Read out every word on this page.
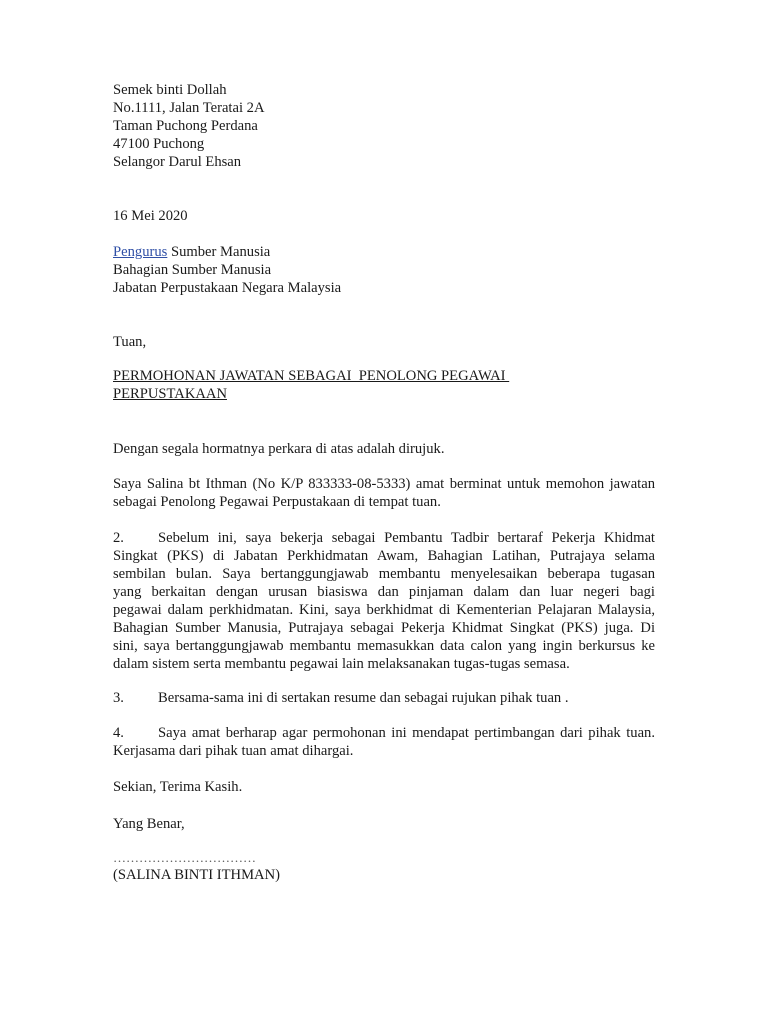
Semek binti Dollah
No.1111, Jalan Teratai 2A
Taman Puchong Perdana
47100 Puchong
Selangor Darul Ehsan
16 Mei 2020
Pengurus Sumber Manusia
Bahagian Sumber Manusia
Jabatan Perpustakaan Negara Malaysia
Tuan,
PERMOHONAN JAWATAN SEBAGAI  PENOLONG PEGAWAI
PERPUSTAKAAN
Dengan segala hormatnya perkara di atas adalah dirujuk.
Saya Salina bt Ithman (No K/P 833333-08-5333) amat berminat untuk memohon jawatan
sebagai Penolong Pegawai Perpustakaan di tempat tuan.
2. Sebelum ini, saya bekerja sebagai Pembantu Tadbir bertaraf Pekerja Khidmat
Singkat (PKS) di Jabatan Perkhidmatan Awam, Bahagian Latihan, Putrajaya selama
sembilan bulan. Saya bertanggungjawab membantu menyelesaikan beberapa tugasan
yang berkaitan dengan urusan biasiswa dan pinjaman dalam dan luar negeri bagi
pegawai dalam perkhidmatan. Kini, saya berkhidmat di Kementerian Pelajaran Malaysia,
Bahagian Sumber Manusia, Putrajaya sebagai Pekerja Khidmat Singkat (PKS) juga. Di
sini, saya bertanggungjawab membantu memasukkan data calon yang ingin berkursus ke
dalam sistem serta membantu pegawai lain melaksanakan tugas-tugas semasa.
3. Bersama-sama ini di sertakan resume dan sebagai rujukan pihak tuan .
4. Saya amat berharap agar permohonan ini mendapat pertimbangan dari pihak tuan.
Kerjasama dari pihak tuan amat dihargai.
Sekian, Terima Kasih.
Yang Benar,
……………………………
(SALINA BINTI ITHMAN)
